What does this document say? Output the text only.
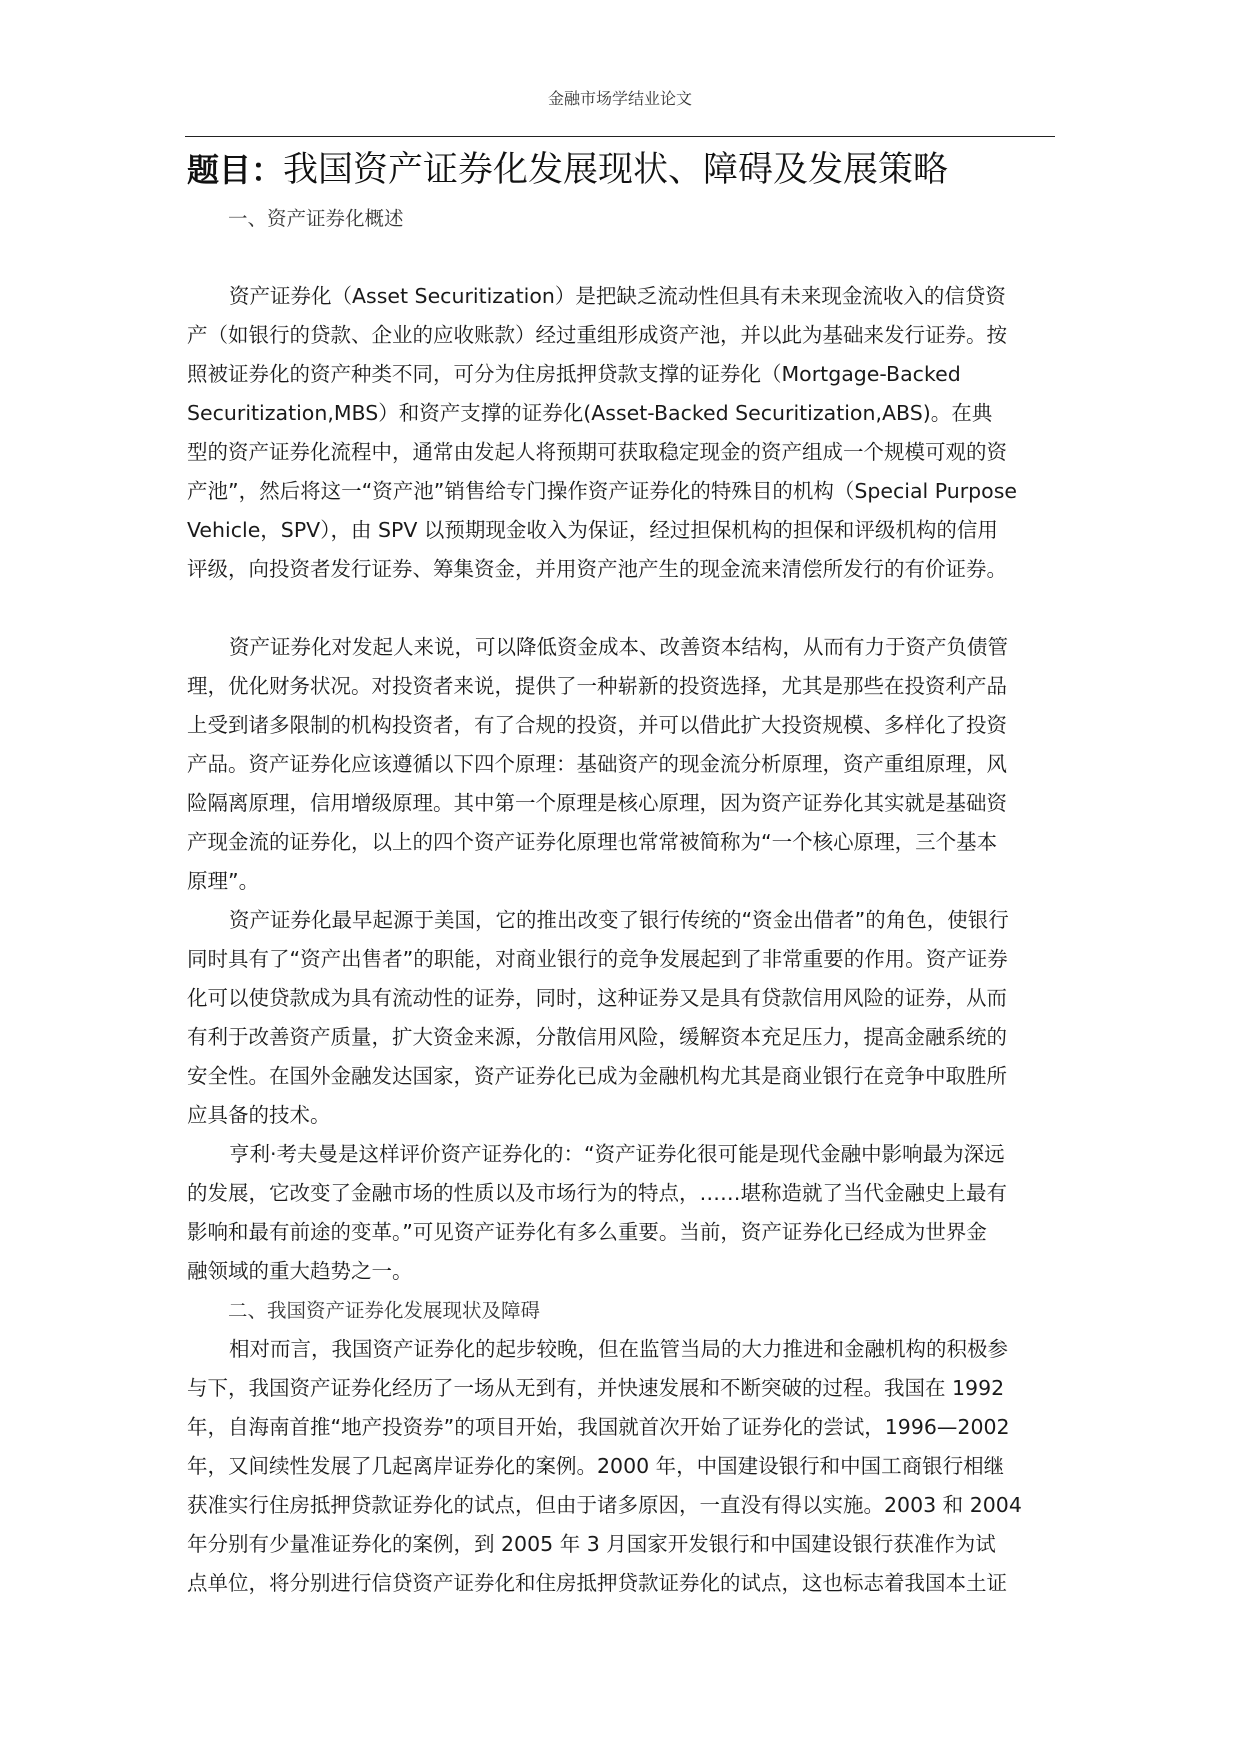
金融市场学结业论文
题目：我国资产证券化发展现状、障碍及发展策略
一、资产证券化概述
资产证券化（Asset Securitization）是把缺乏流动性但具有未来现金流收入的信贷资
产（如银行的贷款、企业的应收账款）经过重组形成资产池，并以此为基础来发行证券。按
照被证券化的资产种类不同，可分为住房抵押贷款支撑的证券化（Mortgage-Backed
Securitization,MBS）和资产支撑的证券化(Asset-Backed Securitization,ABS)。在典
型的资产证券化流程中，通常由发起人将预期可获取稳定现金的资产组成一个规模可观的资
产池”，然后将这一“资产池”销售给专门操作资产证券化的特殊目的机构（Special Purpose
Vehicle，SPV），由 SPV 以预期现金收入为保证，经过担保机构的担保和评级机构的信用
评级，向投资者发行证券、筹集资金，并用资产池产生的现金流来清偿所发行的有价证券。
资产证券化对发起人来说，可以降低资金成本、改善资本结构，从而有力于资产负债管
理，优化财务状况。对投资者来说，提供了一种崭新的投资选择，尤其是那些在投资利产品
上受到诸多限制的机构投资者，有了合规的投资，并可以借此扩大投资规模、多样化了投资
产品。资产证券化应该遵循以下四个原理：基础资产的现金流分析原理，资产重组原理，风
险隔离原理，信用增级原理。其中第一个原理是核心原理，因为资产证券化其实就是基础资
产现金流的证券化，以上的四个资产证券化原理也常常被简称为“一个核心原理，三个基本
原理”。
资产证券化最早起源于美国，它的推出改变了银行传统的“资金出借者”的角色，使银行
同时具有了“资产出售者”的职能，对商业银行的竞争发展起到了非常重要的作用。资产证券
化可以使贷款成为具有流动性的证券，同时，这种证券又是具有贷款信用风险的证券，从而
有利于改善资产质量，扩大资金来源，分散信用风险，缓解资本充足压力，提高金融系统的
安全性。在国外金融发达国家，资产证券化已成为金融机构尤其是商业银行在竞争中取胜所
应具备的技术。
亨利·考夫曼是这样评价资产证券化的：“资产证券化很可能是现代金融中影响最为深远
的发展，它改变了金融市场的性质以及市场行为的特点，……堪称造就了当代金融史上最有
影响和最有前途的变革。”可见资产证券化有多么重要。当前，资产证券化已经成为世界金
融领域的重大趋势之一。
二、我国资产证券化发展现状及障碍
相对而言，我国资产证券化的起步较晚，但在监管当局的大力推进和金融机构的积极参
与下，我国资产证券化经历了一场从无到有，并快速发展和不断突破的过程。我国在 1992
年，自海南首推“地产投资券”的项目开始，我国就首次开始了证券化的尝试，1996—2002
年，又间续性发展了几起离岸证券化的案例。2000 年，中国建设银行和中国工商银行相继
获准实行住房抵押贷款证券化的试点，但由于诸多原因，一直没有得以实施。2003 和 2004
年分别有少量准证券化的案例，到 2005 年 3 月国家开发银行和中国建设银行获准作为试
点单位，将分别进行信贷资产证券化和住房抵押贷款证券化的试点，这也标志着我国本土证
